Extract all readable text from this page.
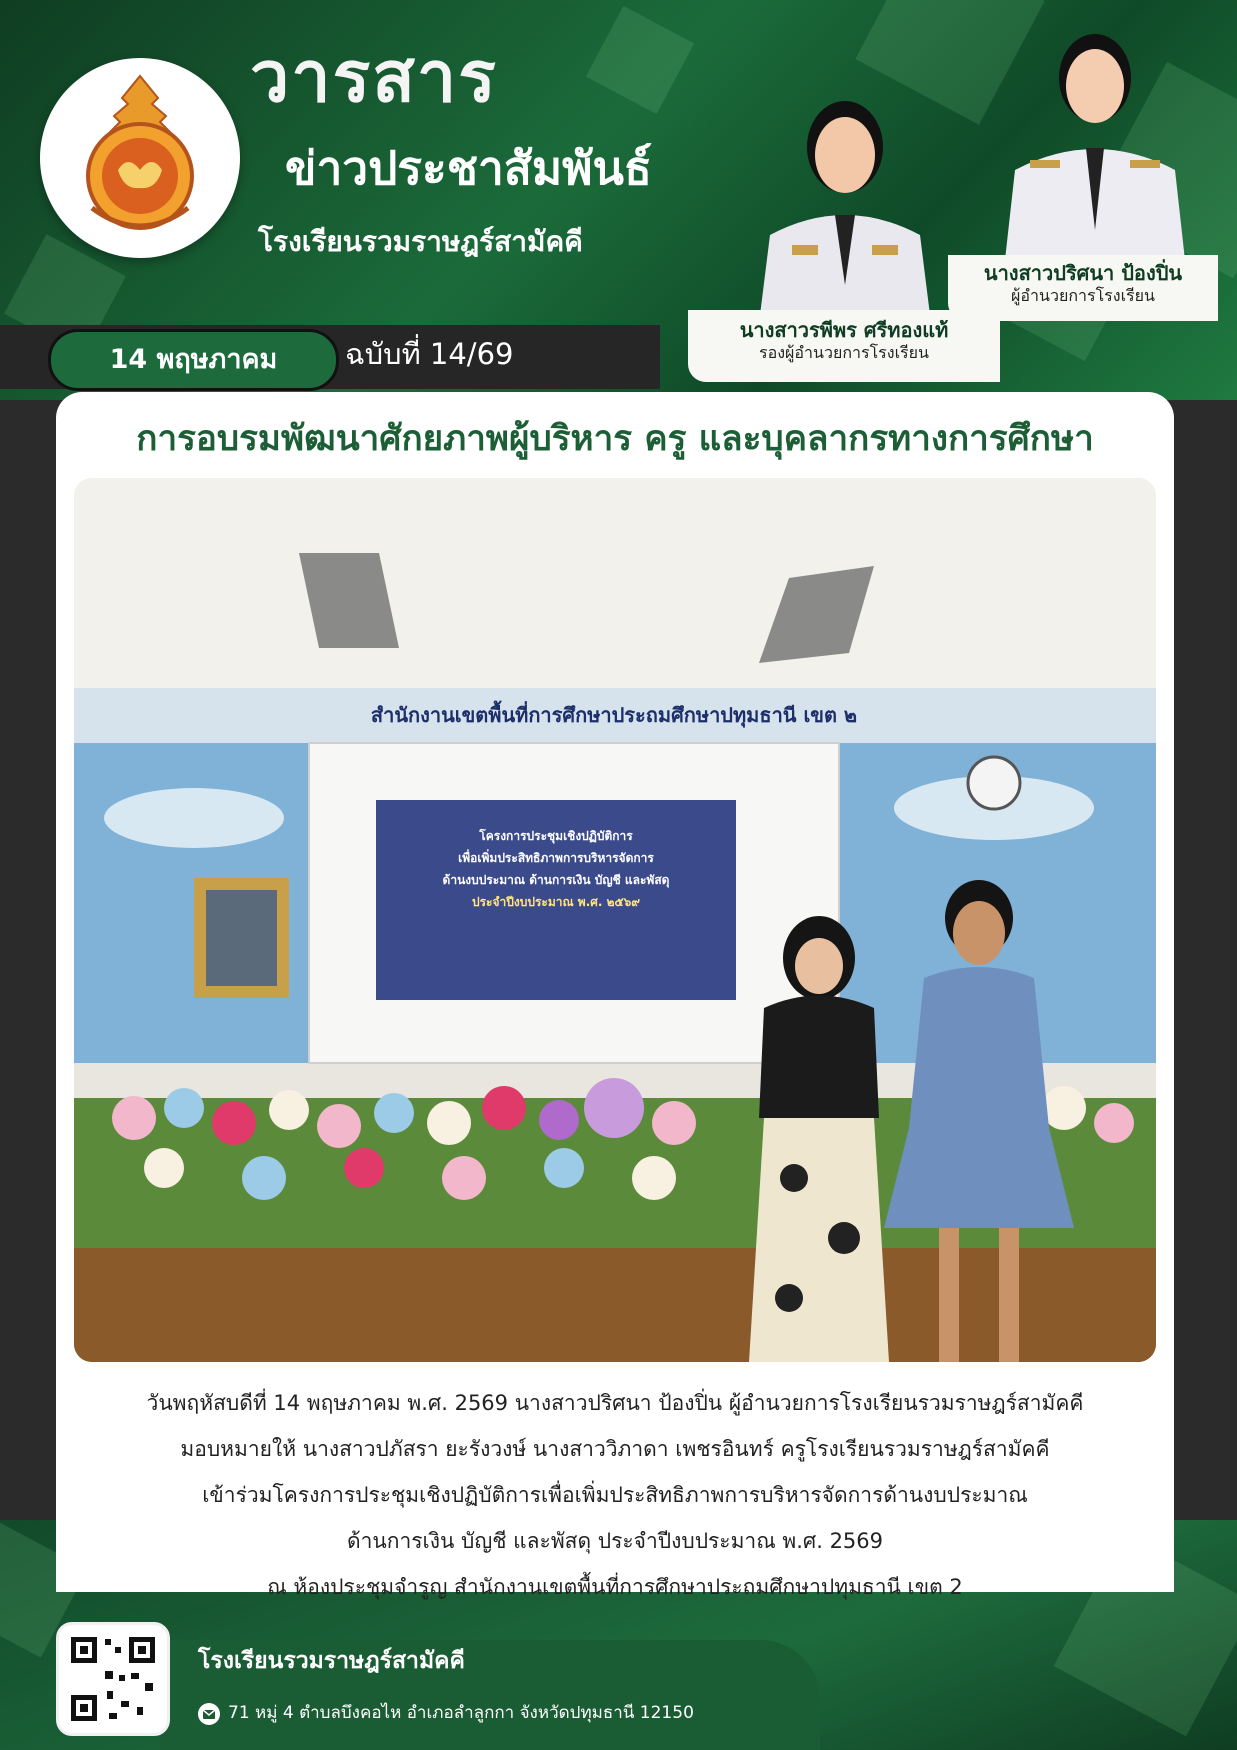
วารสาร
ข่าวประชาสัมพันธ์
โรงเรียนรวมราษฎร์สามัคคี
นางสาวปริศนา ป้องปิ่น
ผู้อำนวยการโรงเรียน
นางสาวรพีพร ศรีทองแท้
รองผู้อำนวยการโรงเรียน
14 พฤษภาคม	ฉบับที่ 14/69
การอบรมพัฒนาศักยภาพผู้บริหาร ครู และบุคลากรทางการศึกษา
สำนักงานเขตพื้นที่การศึกษาประถมศึกษาปทุมธานี เขต ๒
โครงการประชุมเชิงปฏิบัติการ
เพื่อเพิ่มประสิทธิภาพการบริหารจัดการ
ด้านงบประมาณ ด้านการเงิน บัญชี และพัสดุ
ประจำปีงบประมาณ พ.ศ. ๒๕๖๙
วันพฤหัสบดีที่ 14 พฤษภาคม พ.ศ. 2569 นางสาวปริศนา ป้องปิ่น ผู้อำนวยการโรงเรียนรวมราษฎร์สามัคคี
มอบหมายให้ นางสาวปภัสรา ยะรังวงษ์ นางสาววิภาดา เพชรอินทร์ ครูโรงเรียนรวมราษฎร์สามัคคี
เข้าร่วมโครงการประชุมเชิงปฏิบัติการเพื่อเพิ่มประสิทธิภาพการบริหารจัดการด้านงบประมาณ
ด้านการเงิน บัญชี และพัสดุ ประจำปีงบประมาณ พ.ศ. 2569
ณ ห้องประชุมจำรูญ สำนักงานเขตพื้นที่การศึกษาประถมศึกษาปทุมธานี เขต 2
โรงเรียนรวมราษฎร์สามัคคี
71 หมู่ 4 ตำบลบึงคอไห อำเภอลำลูกกา จังหวัดปทุมธานี 12150
